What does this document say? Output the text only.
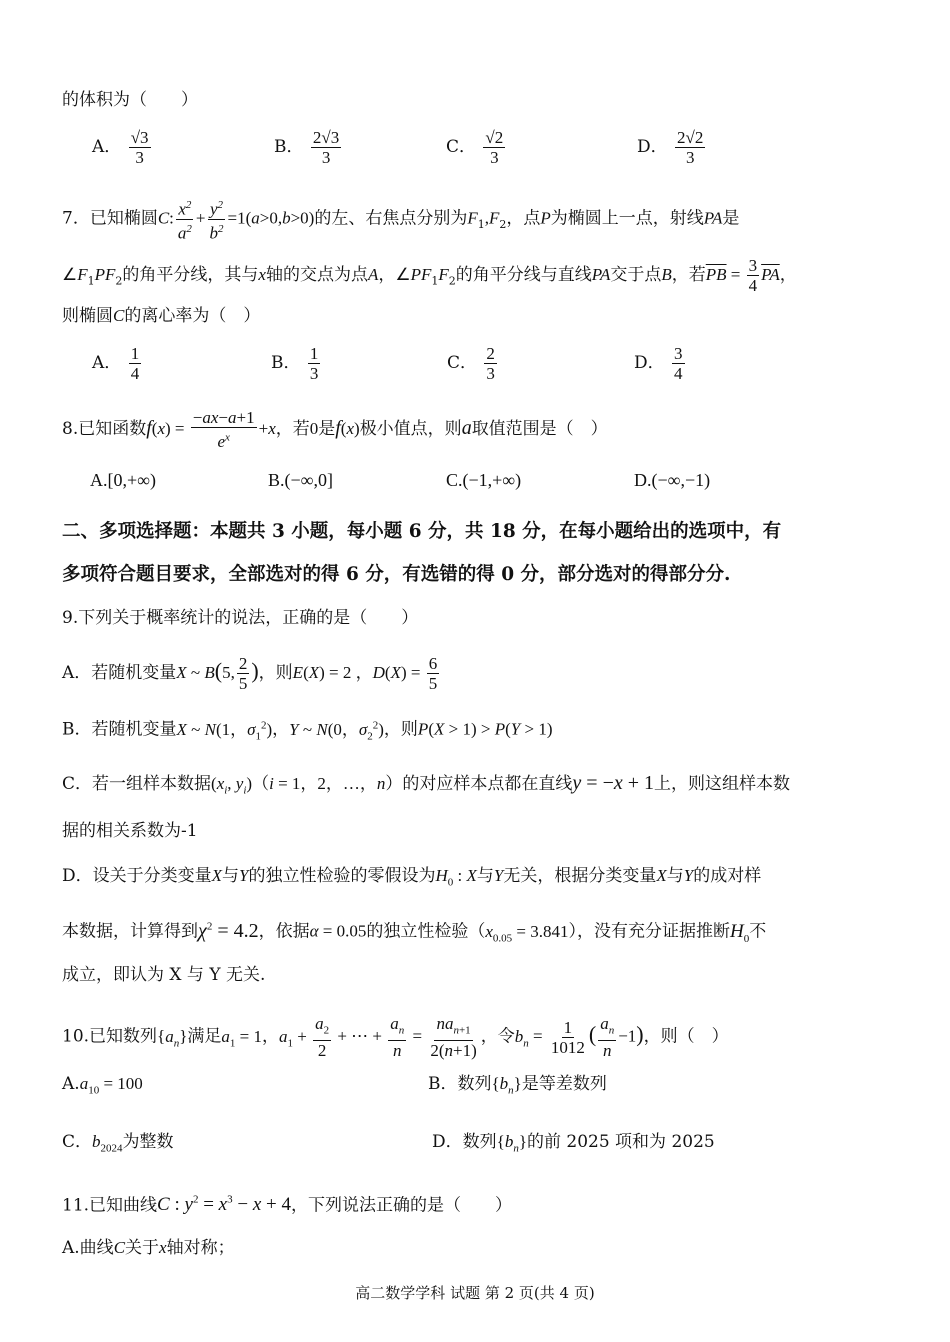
的体积为（　　）
A． $\frac{√3}{3}$	B． $\frac{2√3}{3}$	C． $\frac{√2}{3}$	D． $\frac{2√2}{3}$
7．已知椭圆C: $\frac{x^2}{a^2} + \frac{y^2}{b^2} =1(a>0,b>0)$的左、右焦点分别为$F_1,F_2$，点P为椭圆上一点，射线PA是
$\angle F_1PF_2$的角平分线，其与x轴的交点为点A，$\angle PF_1F_2$的角平分线与直线PA交于点B，若$\overline{PB} = \frac{3}{4} \overline{PA}$，
则椭圆C的离心率为（　）
A． $\frac{1}{4}$	B． $\frac{1}{3}$	C． $\frac{2}{3}$	D． $\frac{3}{4}$
8.已知函数$f(x) = \frac{-ax-a+1}{e^x} +x$，若0是f(x)极小值点，则a取值范围是（　）
A.[0,+∞)	B.(−∞,0]	C.(−1,+∞)	D.(−∞,−1)
二、多项选择题：本题共 3 小题，每小题 6 分，共 18 分，在每小题给出的选项中，有
多项符合题目要求，全部选对的得 6 分，有选错的得 0 分，部分选对的得部分分.
9.下列关于概率统计的说法，正确的是（　　）
A．若随机变量X ~ B(5, $\frac{2}{5}$ )，则E(X) = 2 ，$D(X) = \frac{6}{5}$
B．若随机变量X ~ N(1，$\sigma_1^2$)，Y ~ N(0，$\sigma_2^2$)，则P(X > 1) > P(Y > 1)
C．若一组样本数据($x_i$, $y_i)(i = 1$，2，…，n）的对应样本点都在直线y = −x + 1上，则这组样本数
据的相关系数为-1
D．设关于分类变量X与Y的独立性检验的零假设为$H_0$ : X与Y无关，根据分类变量X与Y的成对样
本数据，计算得到$\chi^2 = 4.2$，依据α = 0.05的独立性检验$(x_{0.05} = 3.841)$，没有充分证据推断$H_0$不
成立，即认为 X 与 Y 无关.
10.已知数列$\{a_n\}$满足$a_1 = 1$，$a_1 + \frac{a_2}{2}$ + ⋯ + $\frac{a_n}{n} = \frac{na_{n+1}}{2(n+1)}$ ，令$b_n = \frac{1}{1012}$ ( $\frac{a_n}{n} -1$)，则（　）
$A.a_{10} = 100$	B．数列$\{b_n\}$是等差数列
C．$b_{2024}$为整数	D．数列$\{b_n\}$的前 2025 项和为 2025
11.已知曲线C : $y^2 = x^3 - x + 4$，下列说法正确的是（　　）
A.曲线C关于x轴对称；
高二数学学科 试题 第 2 页(共 4 页)
